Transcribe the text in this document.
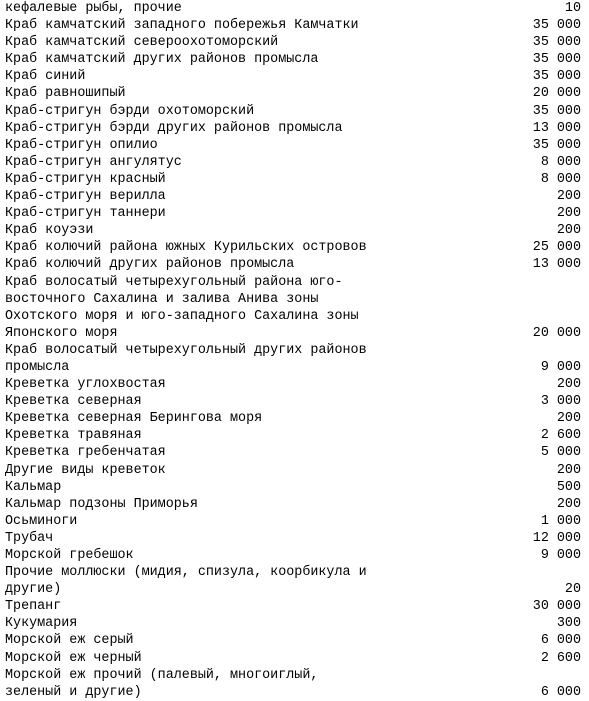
кефалевые рыбы, прочие	10
Краб камчатский западного побережья Камчатки	35 000
Краб камчатский североохотоморский	35 000
Краб камчатский других районов промысла	35 000
Краб синий	35 000
Краб равношипый	20 000
Краб-стригун бэрди охотоморский	35 000
Краб-стригун бэрди других районов промысла	13 000
Краб-стригун опилио	35 000
Краб-стригун ангулятус	8 000
Краб-стригун красный	8 000
Краб-стригун верилла	200
Краб-стригун таннери	200
Краб коуэзи	200
Краб колючий района южных Курильских островов	25 000
Краб колючий других районов промысла	13 000
Краб волосатый четырехугольный района юго-
восточного Сахалина и залива Анива зоны
Охотского моря и юго-западного Сахалина зоны
Японского моря	20 000
Краб волосатый четырехугольный других районов
промысла	9 000
Креветка углохвостая	200
Креветка северная	3 000
Креветка северная Берингова моря	200
Креветка травяная	2 600
Креветка гребенчатая	5 000
Другие виды креветок	200
Кальмар	500
Кальмар подзоны Приморья	200
Осьминоги	1 000
Трубач	12 000
Морской гребешок	9 000
Прочие моллюски (мидия, спизула, коорбикула и
другие)	20
Трепанг	30 000
Кукумария	300
Морской еж серый	6 000
Морской еж черный	2 600
Морской еж прочий (палевый, многоиглый,
зеленый и другие)	6 000
